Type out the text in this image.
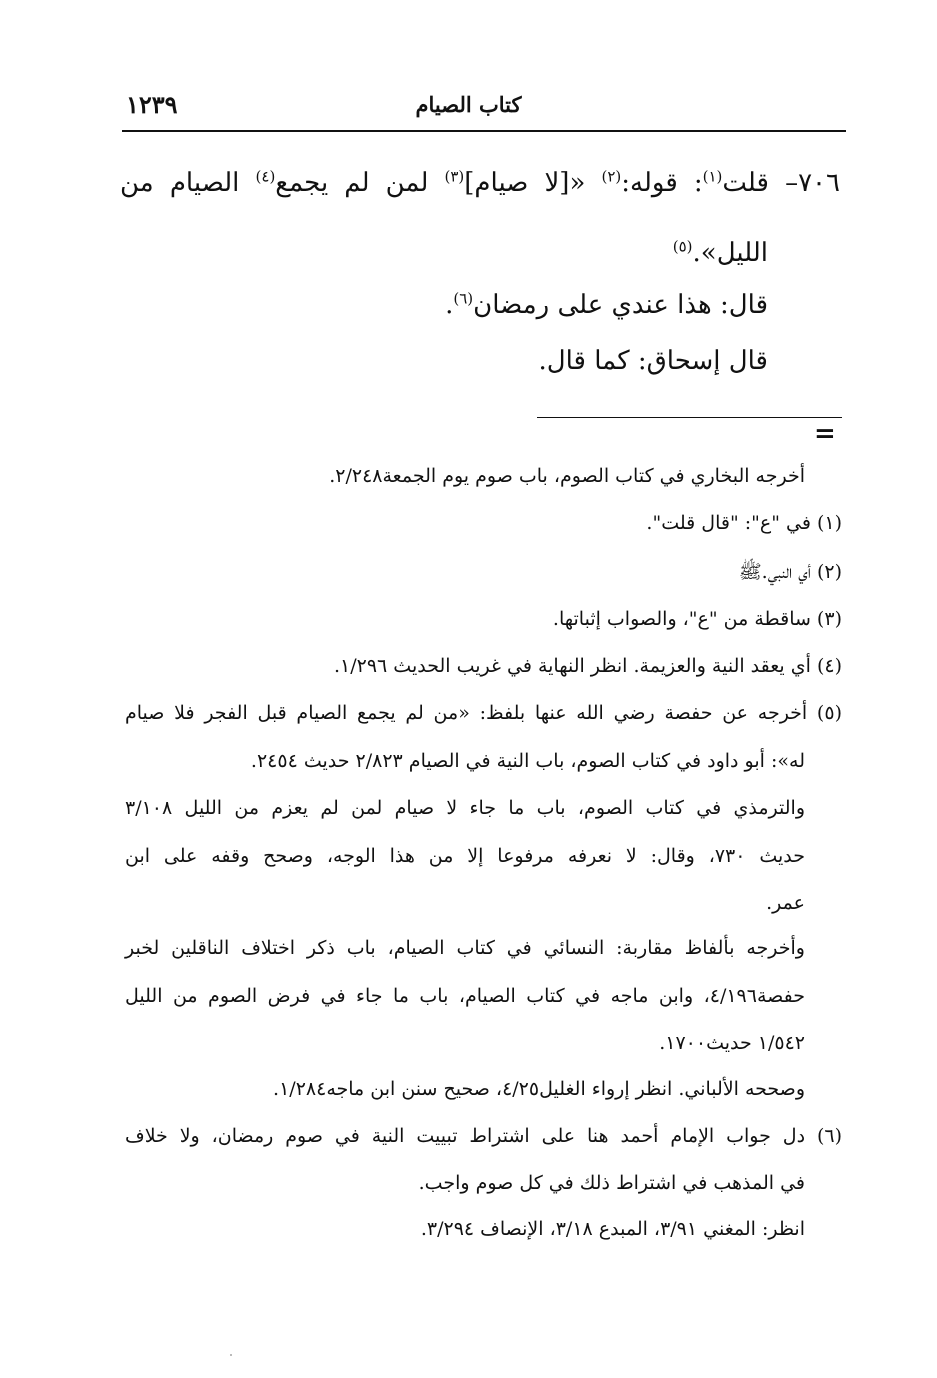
كتاب الصيام
١٢٣٩
٧٠٦– قلت$^{(١)}$: قوله:$^{(٢)}$ «[لا صيام]$^{(٣)}$ لمن لم يجمع$^{(٤)}$ الصيام من
الليل».$^{(٥)}$
قال: هذا عندي على رمضان$^{(٦)}$.
قال إسحاق: كما قال.
=
أخرجه البخاري في كتاب الصوم، باب صوم يوم الجمعة٢/٢٤٨.
(١) في "ع": "قال قلت".
(٢) أي النبي.ﷺ
(٣) ساقطة من "ع"، والصواب إثباتها.
(٤) أي يعقد النية والعزيمة. انظر النهاية في غريب الحديث ١/٢٩٦.
(٥) أخرجه عن حفصة رضي الله عنها بلفظ: «من لم يجمع الصيام قبل الفجر فلا صيام
له»: أبو داود في كتاب الصوم، باب النية في الصيام ٢/٨٢٣ حديث ٢٤٥٤.
والترمذي في كتاب الصوم، باب ما جاء لا صيام لمن لم يعزم من الليل ٣/١٠٨
حديث ٧٣٠، وقال: لا نعرفه مرفوعا إلا من هذا الوجه، وصحح وقفه على ابن
عمر.
وأخرجه بألفاظ مقاربة: النسائي في كتاب الصيام، باب ذكر اختلاف الناقلين لخبر
حفصة٤/١٩٦، وابن ماجه في كتاب الصيام، باب ما جاء في فرض الصوم من الليل
١/٥٤٢ حديث١٧٠٠.
وصححه الألباني. انظر إرواء الغليل٤/٢٥، صحيح سنن ابن ماجه١/٢٨٤.
(٦) دل جواب الإمام أحمد هنا على اشتراط تبييت النية في صوم رمضان، ولا خلاف
في المذهب في اشتراط ذلك في كل صوم واجب.
انظر: المغني ٣/٩١، المبدع ٣/١٨، الإنصاف ٣/٢٩٤.
